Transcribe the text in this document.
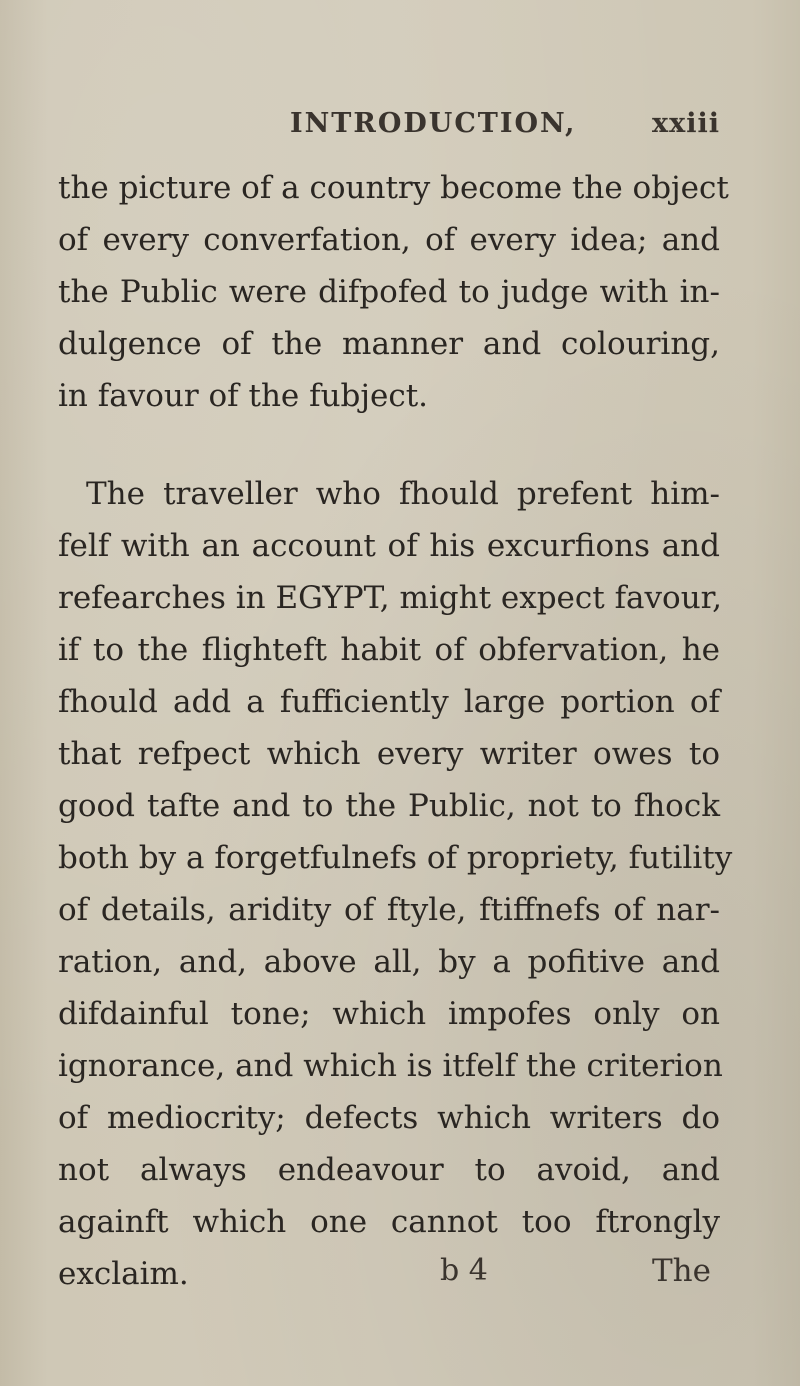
INTRODUCTION,	xxiii
the picture of a country become the object
of every converfation, of every idea; and
the Public were difpofed to judge with in-
dulgence of the manner and colouring,
in favour of the fubject.
The traveller who fhould prefent him-
felf with an account of his excurfions and
refearches in EGYPT, might expect favour,
if to the flighteft habit of obfervation, he
fhould add a fufficiently large portion of
that refpect which every writer owes to
good tafte and to the Public, not to fhock
both by a forgetfulnefs of propriety, futility
of details, aridity of ftyle, ftiffnefs of nar-
ration, and, above all, by a pofitive and
difdainful tone; which impofes only on
ignorance, and which is itfelf the criterion
of mediocrity; defects which writers do
not always endeavour to avoid, and
againft which one cannot too ftrongly
exclaim.	b 4	The
